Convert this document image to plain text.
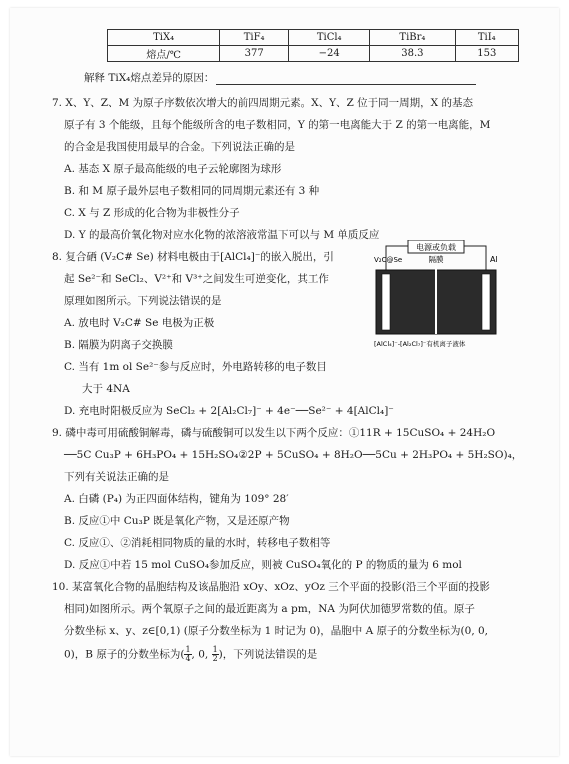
TiX₄	TiF₄	TiCl₄	TiBr₄	TiI₄
熔点/℃	377	−24	38.3	153
解释 TiX₄熔点差异的原因：
7. X、Y、Z、M 为原子序数依次增大的前四周期元素。X、Y、Z 位于同一周期，X 的基态
原子有 3 个能级，且每个能级所含的电子数相同，Y 的第一电离能大于 Z 的第一电离能，M
的合金是我国使用最早的合金。下列说法正确的是
A. 基态 X 原子最高能级的电子云轮廓图为球形
B. 和 M 原子最外层电子数相同的同周期元素还有 3 种
C. X 与 Z 形成的化合物为非极性分子
D. Y 的最高价氧化物对应水化物的浓溶液常温下可以与 M 单质反应
8. 复合硒 (V₂C# Se) 材料电极由于[AlCl₄]⁻的嵌入脱出，引
起 Se²⁻和 SeCl₂、V²⁺和 V³⁺之间发生可逆变化，其工作
原理如图所示。下列说法错误的是
A. 放电时 V₂C# Se 电极为正极
B. 隔膜为阴离子交换膜
C. 当有 1m ol Se²⁻参与反应时，外电路转移的电子数目
大于 4NA
D. 充电时阳极反应为 SeCl₂ + 2[Al₂Cl₇]⁻ + 4e⁻──Se²⁻ + 4[AlCl₄]⁻
电源或负载
V₂C@Se	Al
隔膜
[AlCl₄]⁻-[Al₂Cl₇]⁻有机离子液体
9. 磷中毒可用硫酸铜解毒，磷与硫酸铜可以发生以下两个反应：①11R + 15CuSO₄ + 24H₂O
──5C Cu₃P + 6H₃PO₄ + 15H₂SO₄②2P + 5CuSO₄ + 8H₂O──5Cu + 2H₃PO₄ + 5H₂SO)₄，
下列有关说法正确的是
A. 白磷 (P₄) 为正四面体结构，键角为 109° 28′
B. 反应①中 Cu₃P 既是氧化产物，又是还原产物
C. 反应①、②消耗相同物质的量的水时，转移电子数相等
D. 反应①中若 15 mol CuSO₄参加反应，则被 CuSO₄氧化的 P 的物质的量为 6 mol
10. 某富氧化合物的晶胞结构及该晶胞沿 xOy、xOz、yOz 三个平面的投影(沿三个平面的投影
相同)如图所示。两个氧原子之间的最近距离为 a pm，NA 为阿伏加德罗常数的值。原子
分数坐标 x、y、z∈[0,1) (原子分数坐标为 1 时记为 0)，晶胞中 A 原子的分数坐标为(0, 0,
0)，B 原子的分数坐标为( $\frac{1}{4}$ , 0, $\frac{1}{2}$ )，下列说法错误的是
